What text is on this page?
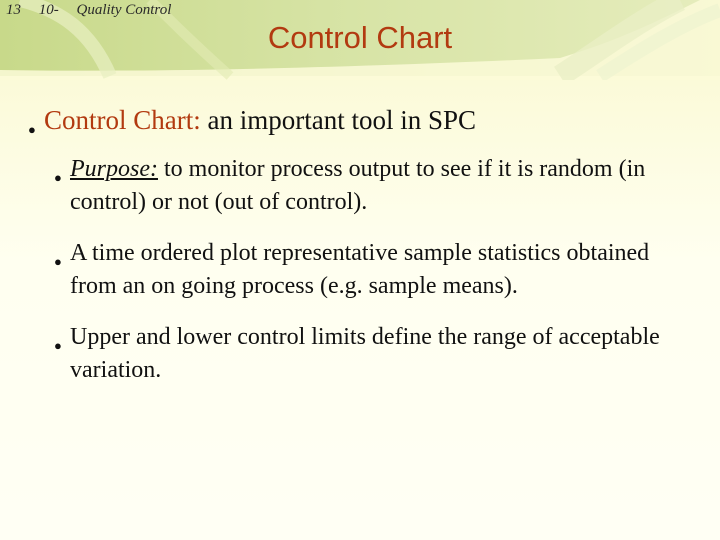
13 10- Quality Control
Control Chart
● Control Chart: an important tool in SPC
● Purpose: to monitor process output to see if it is random (in control) or not (out of control).
● A time ordered plot representative sample statistics obtained from an on going process (e.g. sample means).
● Upper and lower control limits define the range of acceptable variation.
